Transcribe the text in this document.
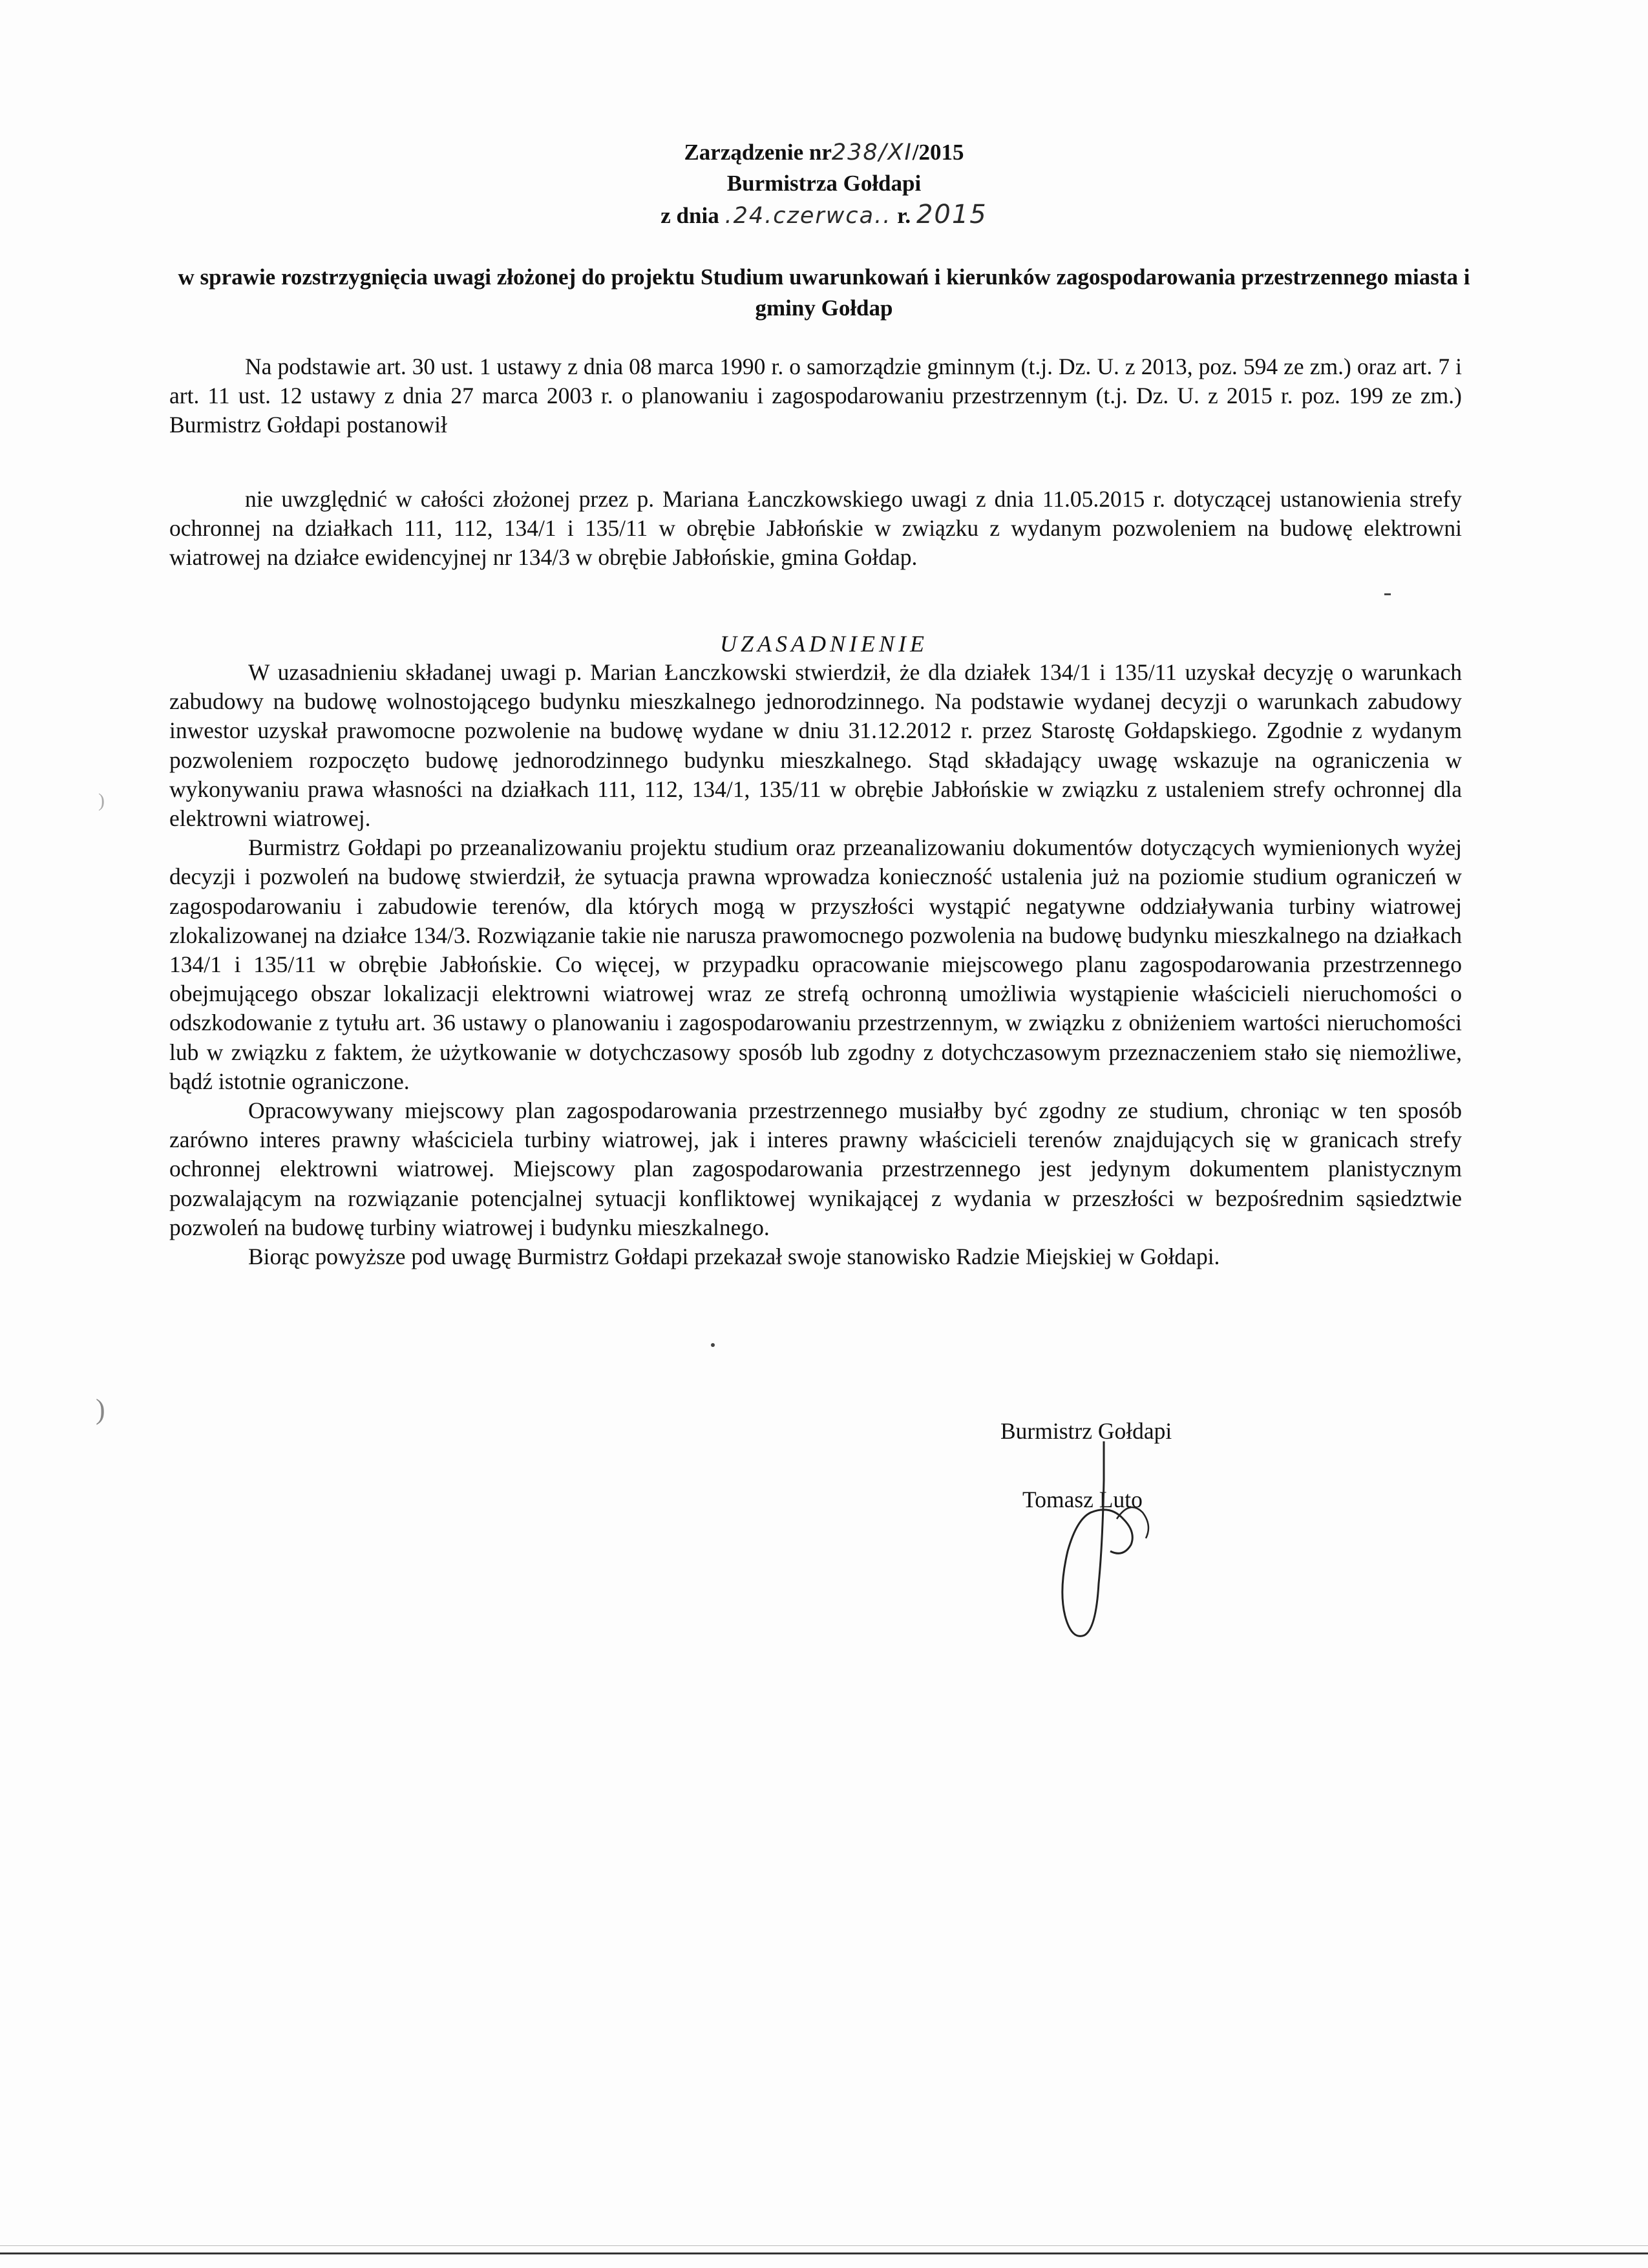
Zarządzenie nr238/XI/2015
Burmistrza Gołdapi
z dnia .24.czerwca.. r. 2015
w sprawie rozstrzygnięcia uwagi złożonej do projektu Studium uwarunkowań i kierunków zagospodarowania przestrzennego miasta i gminy Gołdap
Na podstawie art. 30 ust. 1 ustawy z dnia 08 marca 1990 r. o samorządzie gminnym (t.j. Dz. U. z 2013, poz. 594 ze zm.) oraz art. 7 i art. 11 ust. 12 ustawy z dnia 27 marca 2003 r. o planowaniu i zagospodarowaniu przestrzennym (t.j. Dz. U. z 2015 r. poz. 199 ze zm.) Burmistrz Gołdapi postanowił
nie uwzględnić w całości złożonej przez p. Mariana Łanczkowskiego uwagi z dnia 11.05.2015 r. dotyczącej ustanowienia strefy ochronnej na działkach 111, 112, 134/1 i 135/11 w obrębie Jabłońskie w związku z wydanym pozwoleniem na budowę elektrowni wiatrowej na działce ewidencyjnej nr 134/3 w obrębie Jabłońskie, gmina Gołdap.
UZASADNIENIE

W uzasadnieniu składanej uwagi p. Marian Łanczkowski stwierdził, że dla działek 134/1 i 135/11 uzyskał decyzję o warunkach zabudowy na budowę wolnostojącego budynku mieszkalnego jednorodzinnego. Na podstawie wydanej decyzji o warunkach zabudowy inwestor uzyskał prawomocne pozwolenie na budowę wydane w dniu 31.12.2012 r. przez Starostę Gołdapskiego. Zgodnie z wydanym pozwoleniem rozpoczęto budowę jednorodzinnego budynku mieszkalnego. Stąd składający uwagę wskazuje na ograniczenia w wykonywaniu prawa własności na działkach 111, 112, 134/1, 135/11 w obrębie Jabłońskie w związku z ustaleniem strefy ochronnej dla elektrowni wiatrowej.

Burmistrz Gołdapi po przeanalizowaniu projektu studium oraz przeanalizowaniu dokumentów dotyczących wymienionych wyżej decyzji i pozwoleń na budowę stwierdził, że sytuacja prawna wprowadza konieczność ustalenia już na poziomie studium ograniczeń w zagospodarowaniu i zabudowie terenów, dla których mogą w przyszłości wystąpić negatywne oddziaływania turbiny wiatrowej zlokalizowanej na działce 134/3. Rozwiązanie takie nie narusza prawomocnego pozwolenia na budowę budynku mieszkalnego na działkach 134/1 i 135/11 w obrębie Jabłońskie. Co więcej, w przypadku opracowanie miejscowego planu zagospodarowania przestrzennego obejmującego obszar lokalizacji elektrowni wiatrowej wraz ze strefą ochronną umożliwia wystąpienie właścicieli nieruchomości o odszkodowanie z tytułu art. 36 ustawy o planowaniu i zagospodarowaniu przestrzennym, w związku z obniżeniem wartości nieruchomości lub w związku z faktem, że użytkowanie w dotychczasowy sposób lub zgodny z dotychczasowym przeznaczeniem stało się niemożliwe, bądź istotnie ograniczone.

Opracowywany miejscowy plan zagospodarowania przestrzennego musiałby być zgodny ze studium, chroniąc w ten sposób zarówno interes prawny właściciela turbiny wiatrowej, jak i interes prawny właścicieli terenów znajdujących się w granicach strefy ochronnej elektrowni wiatrowej. Miejscowy plan zagospodarowania przestrzennego jest jedynym dokumentem planistycznym pozwalającym na rozwiązanie potencjalnej sytuacji konfliktowej wynikającej z wydania w przeszłości w bezpośrednim sąsiedztwie pozwoleń na budowę turbiny wiatrowej i budynku mieszkalnego.

Biorąc powyższe pod uwagę Burmistrz Gołdapi przekazał swoje stanowisko Radzie Miejskiej w Gołdapi.

Burmistrz Gołdapi
Tomasz Luto
)
)
